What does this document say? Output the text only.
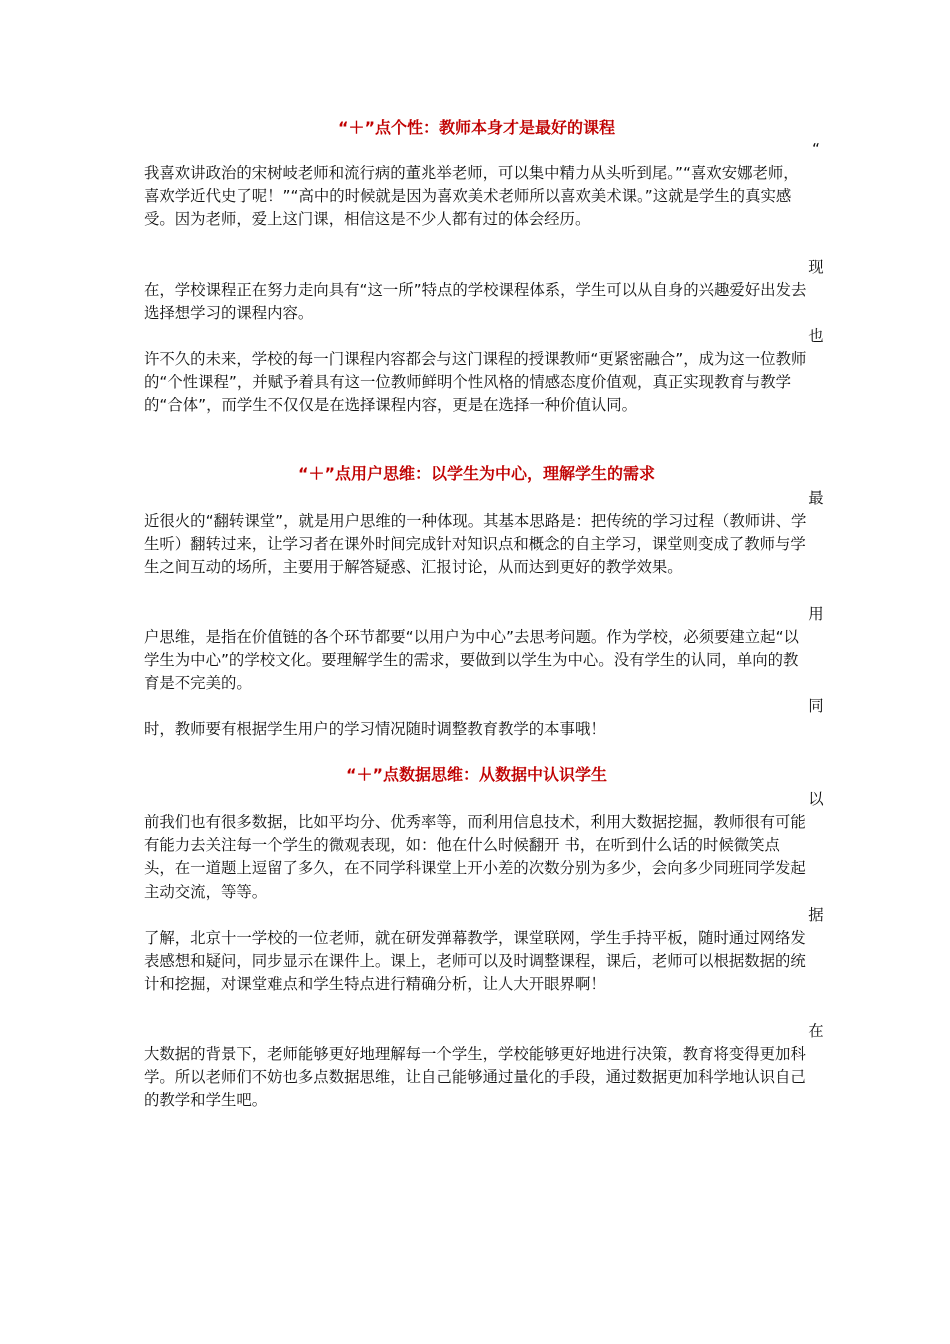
“＋”点个性：教师本身才是最好的课程
“
我喜欢讲政治的宋树岐老师和流行病的董兆举老师，可以集中精力从头听到尾。”“喜欢安娜老师，喜欢学近代史了呢！”“高中的时候就是因为喜欢美术老师所以喜欢美术课。”这就是学生的真实感受。因为老师，爱上这门课，相信这是不少人都有过的体会经历。
现
在，学校课程正在努力走向具有“这一所”特点的学校课程体系，学生可以从自身的兴趣爱好出发去选择想学习的课程内容。
也
许不久的未来，学校的每一门课程内容都会与这门课程的授课教师“更紧密融合”，成为这一位教师的“个性课程”，并赋予着具有这一位教师鲜明个性风格的情感态度价值观，真正实现教育与教学的“合体”，而学生不仅仅是在选择课程内容，更是在选择一种价值认同。
“＋”点用户思维：以学生为中心，理解学生的需求
最
近很火的“翻转课堂”，就是用户思维的一种体现。其基本思路是：把传统的学习过程（教师讲、学生听）翻转过来，让学习者在课外时间完成针对知识点和概念的自主学习，课堂则变成了教师与学生之间互动的场所，主要用于解答疑惑、汇报讨论，从而达到更好的教学效果。
用
户思维，是指在价值链的各个环节都要“以用户为中心”去思考问题。作为学校，必须要建立起“以学生为中心”的学校文化。要理解学生的需求，要做到以学生为中心。没有学生的认同，单向的教育是不完美的。
同
时，教师要有根据学生用户的学习情况随时调整教育教学的本事哦！
“＋”点数据思维：从数据中认识学生
以
前我们也有很多数据，比如平均分、优秀率等，而利用信息技术，利用大数据挖掘，教师很有可能有能力去关注每一个学生的微观表现，如：他在什么时候翻开 书，在听到什么话的时候微笑点头，在一道题上逗留了多久，在不同学科课堂上开小差的次数分别为多少，会向多少同班同学发起主动交流，等等。
据
了解，北京十一学校的一位老师，就在研发弹幕教学，课堂联网，学生手持平板，随时通过网络发表感想和疑问，同步显示在课件上。课上，老师可以及时调整课程，课后，老师可以根据数据的统计和挖掘，对课堂难点和学生特点进行精确分析，让人大开眼界啊！
在
大数据的背景下，老师能够更好地理解每一个学生，学校能够更好地进行决策，教育将变得更加科学。所以老师们不妨也多点数据思维，让自己能够通过量化的手段，通过数据更加科学地认识自己的教学和学生吧。
